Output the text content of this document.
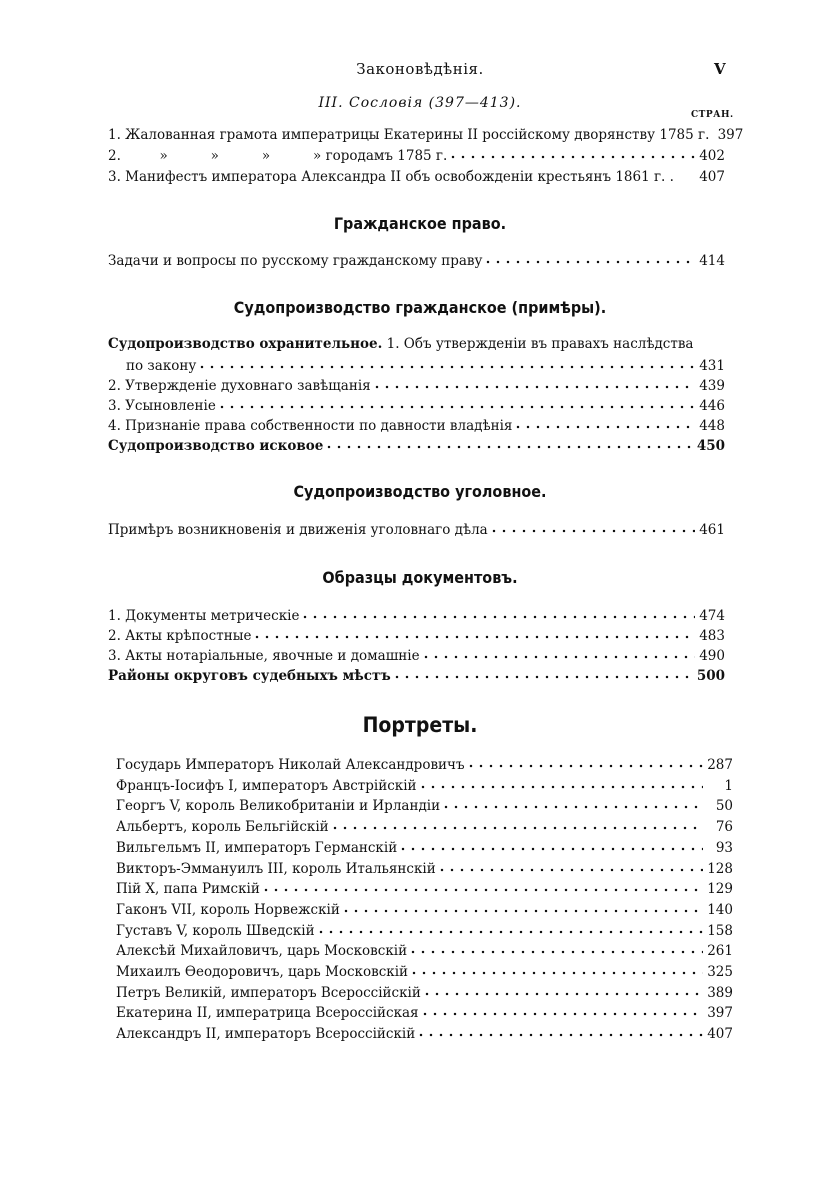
Законовѣдѣнія.	V
III. Сословія (397—413).
СТРАН.
1. Жалованная грамота императрицы Екатерины II россійскому дворянству 1785 г. 397
2.         »          »          »          » городамъ 1785 г.	402
3. Манифестъ императора Александра II объ освобожденіи крестьянъ 1861 г. . 407
Гражданское право.
Задачи и вопросы по русскому гражданскому праву	414
Судопроизводство гражданское (примѣры).
Судопроизводство охранительное. 1. Объ утвержденіи въ правахъ наслѣдства
по закону	431
2. Утвержденіе духовнаго завѣщанія	439
3. Усыновленіе	446
4. Признаніе права собственности по давности владѣнія	448
Судопроизводство исковое	450
Судопроизводство уголовное.
Примѣръ возникновенія и движенія уголовнаго дѣла	461
Образцы документовъ.
1. Документы метрическіе	474
2. Акты крѣпостные	483
3. Акты нотаріальные, явочные и домашніе	490
Районы округовъ судебныхъ мѣстъ	500
Портреты.
Государь Императоръ Николай Александровичъ	287
Францъ-Іосифъ I, императоръ Австрійскій	1
Георгъ V, король Великобританіи и Ирландіи	50
Альбертъ, король Бельгійскій	76
Вильгельмъ II, императоръ Германскій	93
Викторъ-Эммануилъ III, король Итальянскій	128
Пій X, папа Римскій	129
Гаконъ VII, король Норвежскій	140
Густавъ V, король Шведскій	158
Алексѣй Михайловичъ, царь Московскій	261
Михаилъ Ѳеодоровичъ, царь Московскій	325
Петръ Великій, императоръ Всероссійскій	389
Екатерина II, императрица Всероссійская	397
Александръ II, императоръ Всероссійскій	407
